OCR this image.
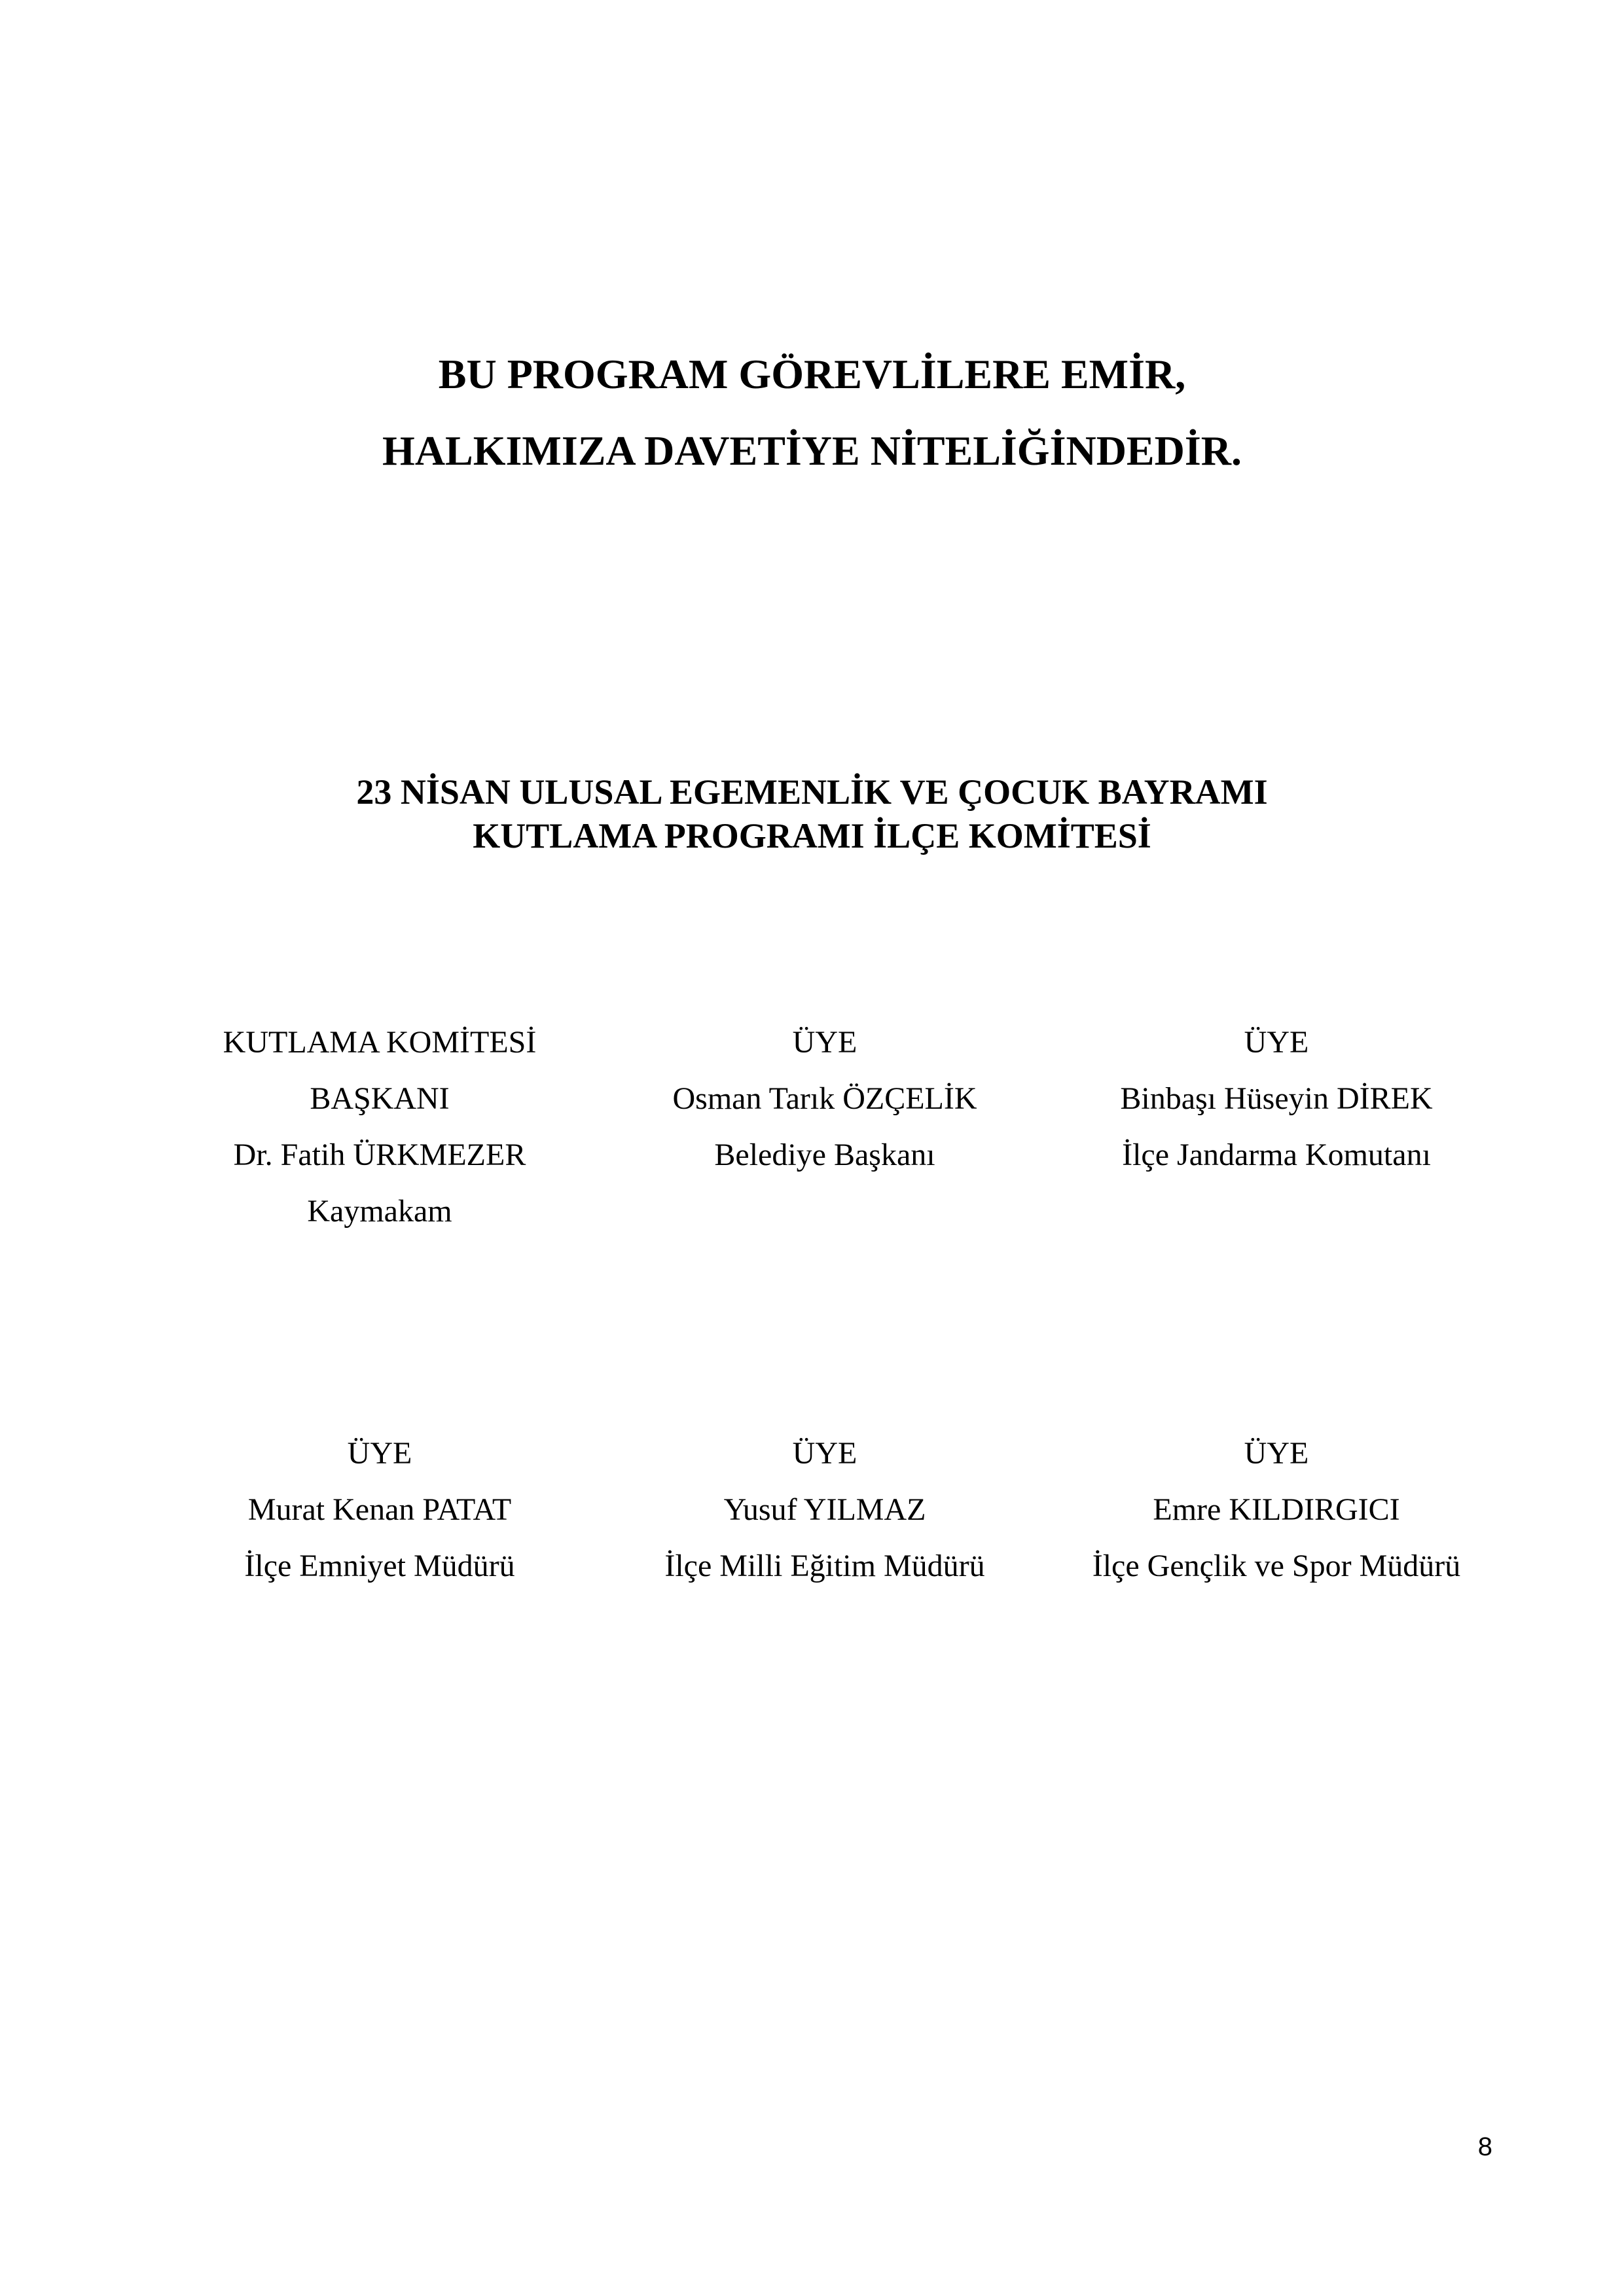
BU PROGRAM GÖREVLİLERE EMİR,
HALKIMIZA DAVETİYE NİTELİĞİNDEDİR.
23 NİSAN ULUSAL EGEMENLİK VE ÇOCUK BAYRAMI
KUTLAMA PROGRAMI İLÇE KOMİTESİ
KUTLAMA KOMİTESİ
BAŞKANI
Dr. Fatih ÜRKMEZER
Kaymakam
ÜYE
Osman Tarık ÖZÇELİK
Belediye Başkanı
ÜYE
Binbaşı Hüseyin DİREK
İlçe Jandarma Komutanı
ÜYE
Murat Kenan PATAT
İlçe Emniyet Müdürü
ÜYE
Yusuf YILMAZ
İlçe Milli Eğitim Müdürü
ÜYE
Emre KILDIRGICI
İlçe Gençlik ve Spor Müdürü
8
